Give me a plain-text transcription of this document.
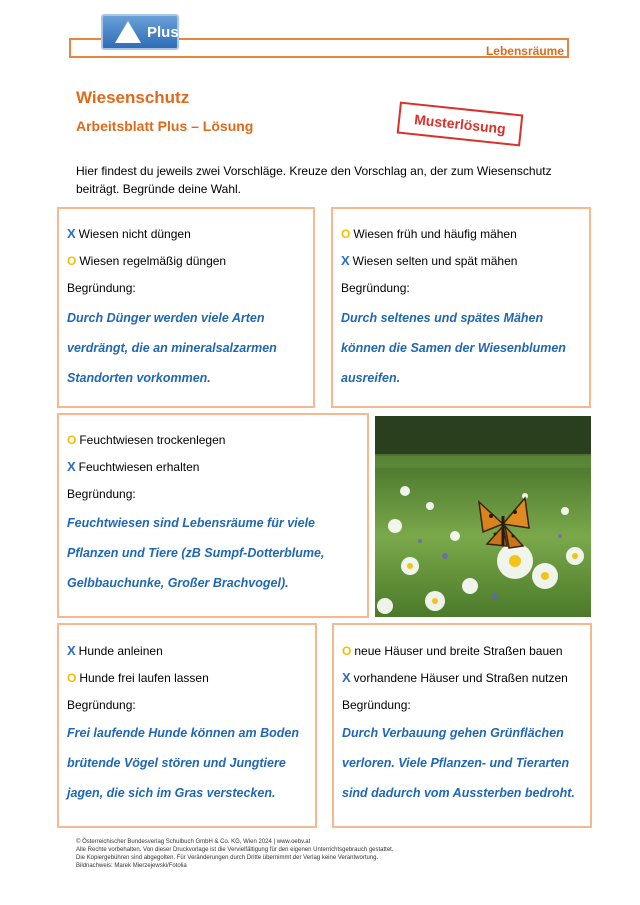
Plus
Lebensräume
Wiesenschutz
Arbeitsblatt Plus – Lösung	Musterlösung
Hier findest du jeweils zwei Vorschläge. Kreuze den Vorschlag an, der zum Wiesenschutz beiträgt. Begründe deine Wahl.
X Wiesen nicht düngen
O Wiesen regelmäßig düngen
Begründung:
Durch Dünger werden viele Arten
verdrängt, die an mineralsalzarmen
Standorten vorkommen.
O Wiesen früh und häufig mähen
X Wiesen selten und spät mähen
Begründung:
Durch seltenes und spätes Mähen
können die Samen der Wiesenblumen
ausreifen.
O Feuchtwiesen trockenlegen
X Feuchtwiesen erhalten
Begründung:
Feuchtwiesen sind Lebensräume für viele
Pflanzen und Tiere (zB Sumpf-Dotterblume,
Gelbbauchunke, Großer Brachvogel).
X Hunde anleinen
O Hunde frei laufen lassen
Begründung:
Frei laufende Hunde können am Boden
brütende Vögel stören und Jungtiere
jagen, die sich im Gras verstecken.
O neue Häuser und breite Straßen bauen
X vorhandene Häuser und Straßen nutzen
Begründung:
Durch Verbauung gehen Grünflächen
verloren. Viele Pflanzen- und Tierarten
sind dadurch vom Aussterben bedroht.
© Österreichischer Bundesverlag Schulbuch GmbH & Co. KG, Wien 2024 | www.oebv.at
Alle Rechte vorbehalten. Von dieser Druckvorlage ist die Vervielfältigung für den eigenen Unterrichtsgebrauch gestattet.
Die Kopiergebühren sind abgegolten. Für Veränderungen durch Dritte übernimmt der Verlag keine Verantwortung.
Bildnachweis: Marek Mierzejewski/Fotolia
